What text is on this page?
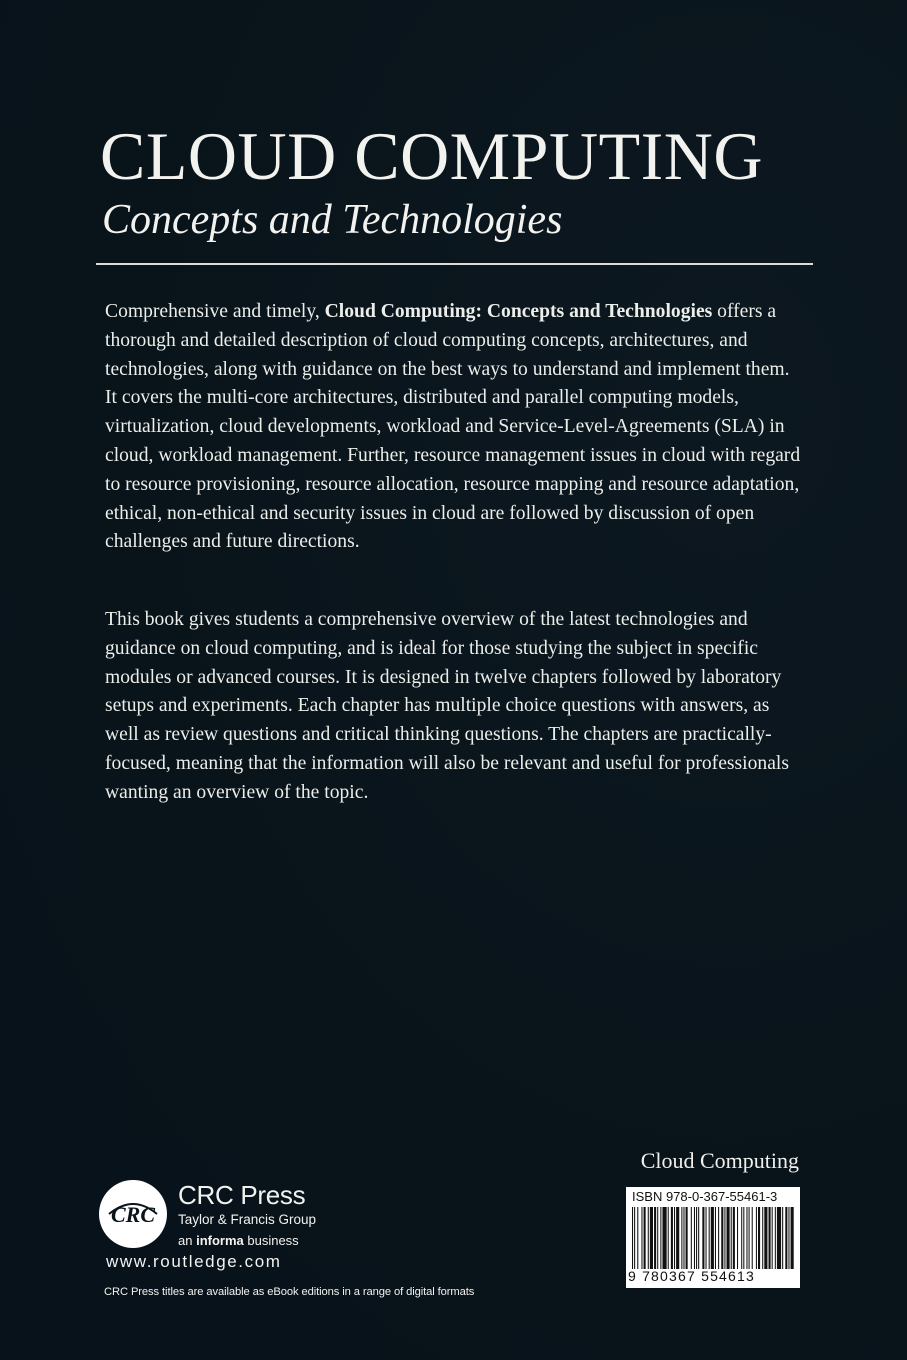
CLOUD COMPUTING
Concepts and Technologies

Comprehensive and timely, Cloud Computing: Concepts and Technologies offers a thorough and detailed description of cloud computing concepts, architectures, and technologies, along with guidance on the best ways to understand and implement them. It covers the multi-core architectures, distributed and parallel computing models, virtualization, cloud developments, workload and Service-Level-Agreements (SLA) in cloud, workload management. Further, resource management issues in cloud with regard to resource provisioning, resource allocation, resource mapping and resource adaptation, ethical, non-ethical and security issues in cloud are followed by discussion of open challenges and future directions.

This book gives students a comprehensive overview of the latest technologies and guidance on cloud computing, and is ideal for those studying the subject in specific modules or advanced courses. It is designed in twelve chapters followed by laboratory setups and experiments. Each chapter has multiple choice questions with answers, as well as review questions and critical thinking questions. The chapters are practically-focused, meaning that the information will also be relevant and useful for professionals wanting an overview of the topic.

Cloud Computing
ISBN 978-0-367-55461-3
9 780367 554613
CRC
CRC Press
Taylor & Francis Group
an informa business
www.routledge.com
CRC Press titles are available as eBook editions in a range of digital formats
